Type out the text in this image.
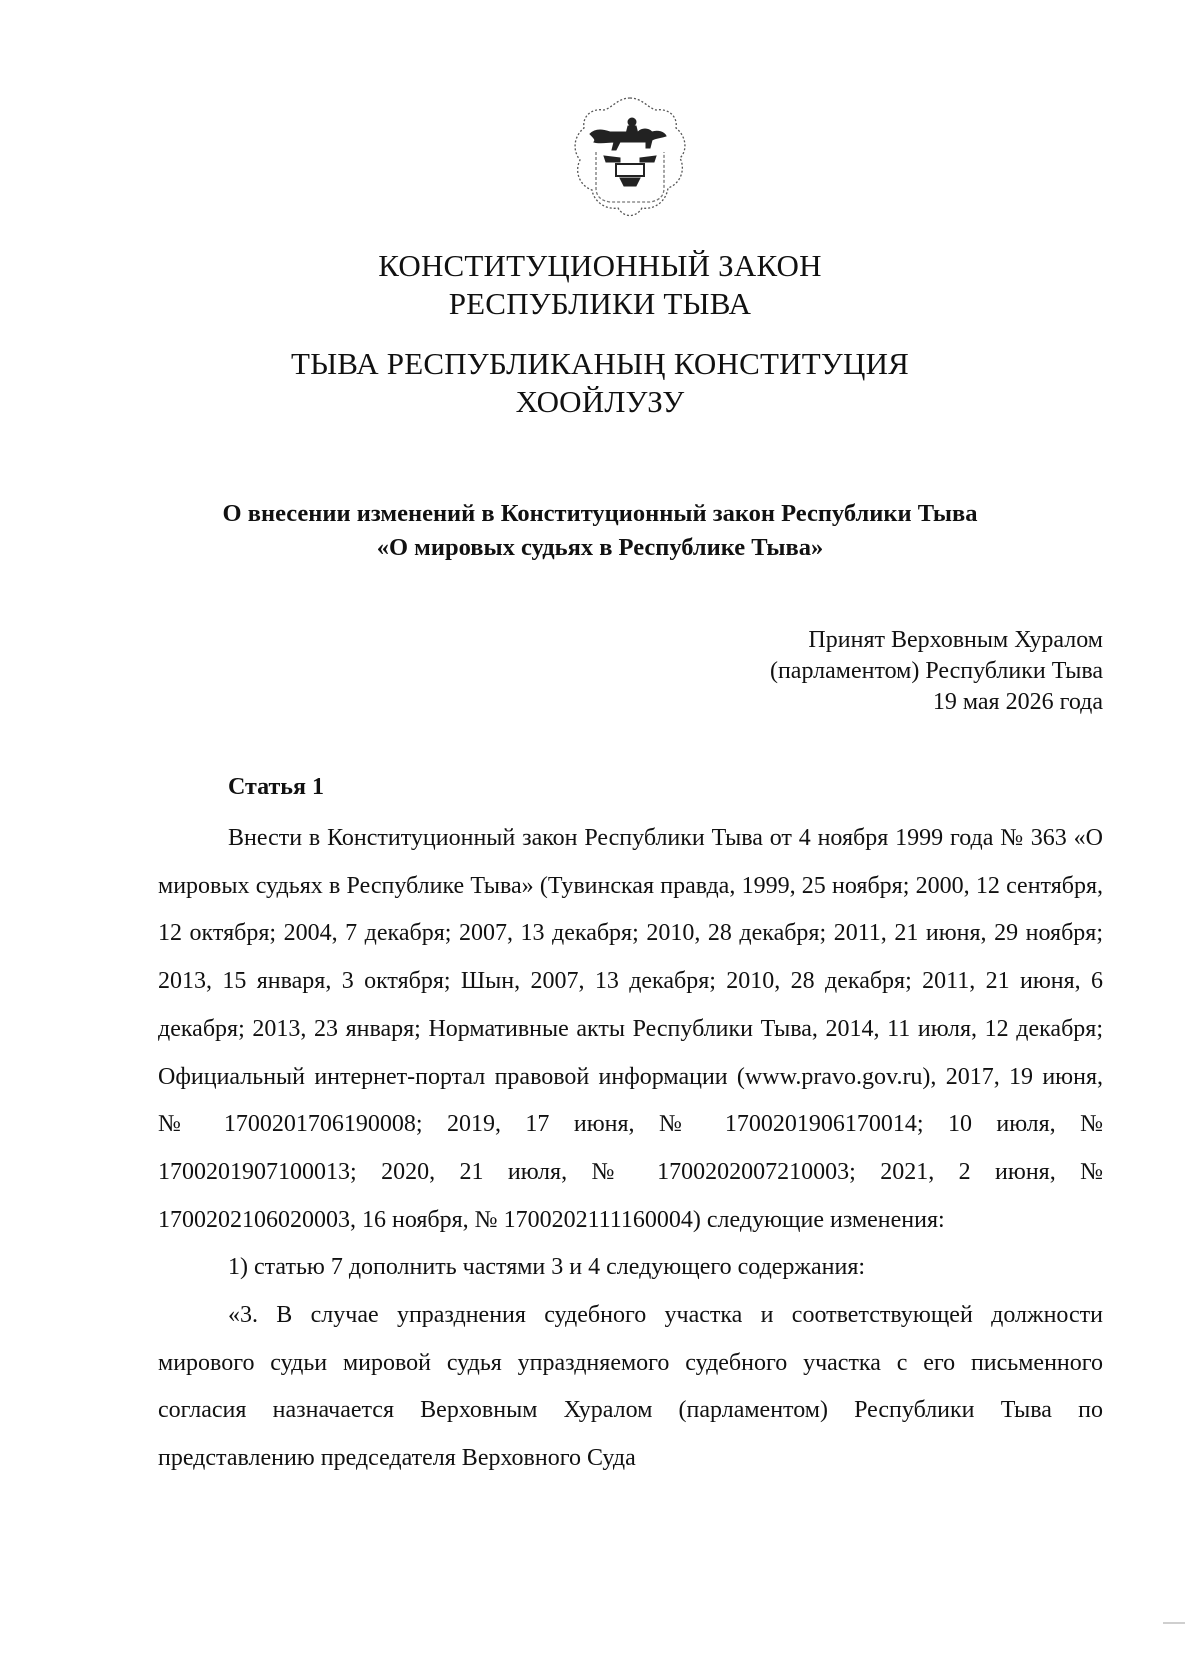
КОНСТИТУЦИОННЫЙ ЗАКОН
РЕСПУБЛИКИ ТЫВА
ТЫВА РЕСПУБЛИКАНЫҢ КОНСТИТУЦИЯ
ХООЙЛУЗУ
О внесении изменений в Конституционный закон Республики Тыва
«О мировых судьях в Республике Тыва»
Принят Верховным Хуралом
(парламентом) Республики Тыва
19 мая 2026 года
Статья 1

Внести в Конституционный закон Республики Тыва от 4 ноября 1999 года № 363 «О мировых судьях в Республике Тыва» (Тувинская правда, 1999, 25 ноября; 2000, 12 сентября, 12 октября; 2004, 7 декабря; 2007, 13 декабря; 2010, 28 декабря; 2011, 21 июня, 29 ноября; 2013, 15 января, 3 октября; Шын, 2007, 13 декабря; 2010, 28 декабря; 2011, 21 июня, 6 декабря; 2013, 23 января; Нормативные акты Республики Тыва, 2014, 11 июля, 12 декабря; Официальный интернет-портал правовой информации (www.pravo.gov.ru), 2017, 19 июня, № 1700201706190008; 2019, 17 июня, № 1700201906170014; 10 июля, № 1700201907100013; 2020, 21 июля, № 1700202007210003; 2021, 2 июня, № 1700202106020003, 16 ноября, № 1700202111160004) следующие изменения:

1) статью 7 дополнить частями 3 и 4 следующего содержания:

«3. В случае упразднения судебного участка и соответствующей должности мирового судьи мировой судья упраздняемого судебного участка с его письменного согласия назначается Верховным Хуралом (парламентом) Республики Тыва по представлению председателя Верховного Суда
